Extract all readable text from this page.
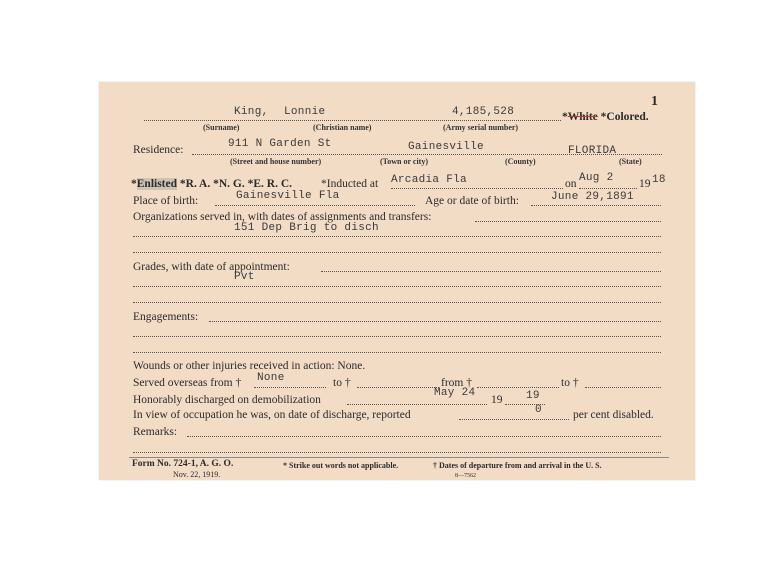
1
King, Lonnie	4,185,528	*White *Colored.
(Surname)	(Christian name)	(Army serial number)
Residence:	911 N Garden St	Gainesville	FLORIDA
(Street and house number)	(Town or city)	(County)	(State)
*Enlisted *R. A. *N. G. *E. R. C.	*Inducted at Arcadia Fla	on Aug 2 19 18
Place of birth:	Gainesville Fla	Age or date of birth:	June 29,1891
Organizations served in, with dates of assignments and transfers:
151 Dep Brig to disch
Grades, with date of appointment:
Pvt
Engagements:
Wounds or other injuries received in action: None.
Served overseas from † None	to †	from †	to †
Honorably discharged on demobilization
May 24
19 19
In view of occupation he was, on date of discharge, reported	0	per cent disabled.
Remarks:
Form No. 724-1, A. G. O.
Nov. 22, 1919.
* Strike out words not applicable.	† Dates of departure from and arrival in the U. S.
8—7562
